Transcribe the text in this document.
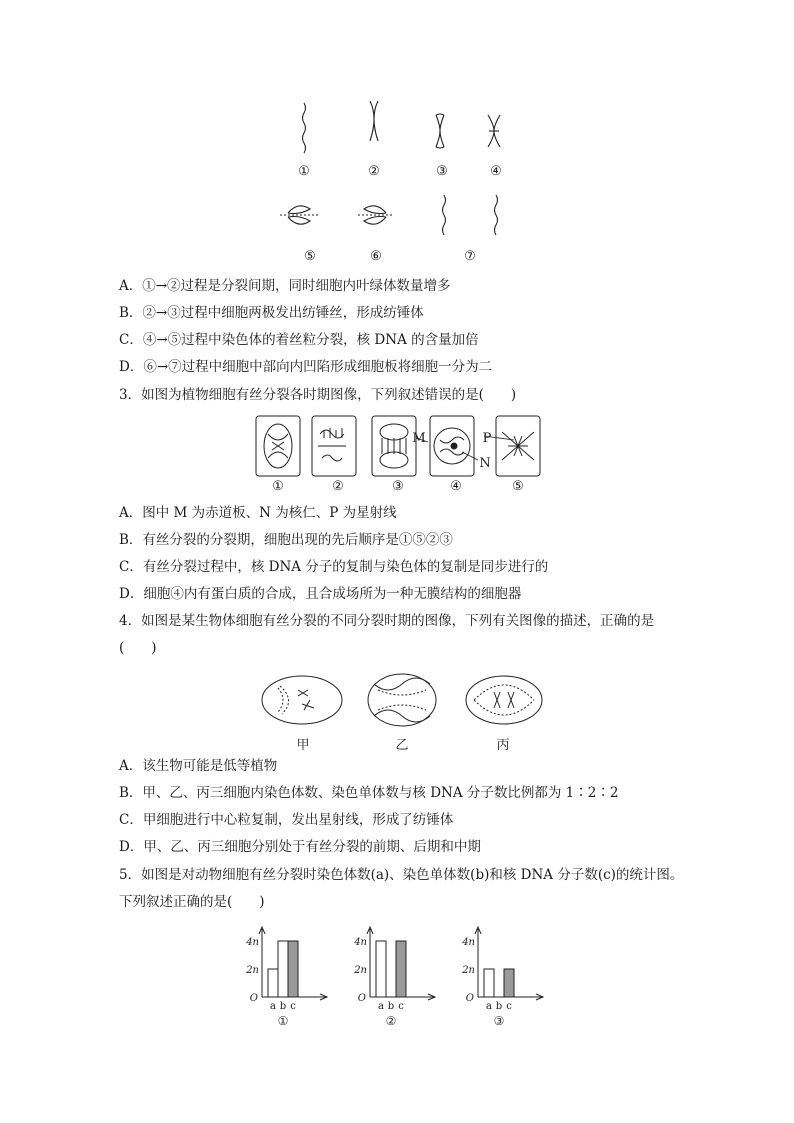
①	②	③	④
⑤	⑥	⑦
A．①→②过程是分裂间期，同时细胞内叶绿体数量增多
B．②→③过程中细胞两极发出纺锤丝，形成纺锤体
C．④→⑤过程中染色体的着丝粒分裂，核 DNA 的含量加倍
D．⑥→⑦过程中细胞中部向内凹陷形成细胞板将细胞一分为二
3．如图为植物细胞有丝分裂各时期图像，下列叙述错误的是(　　)
M	P
N
①	②	③	④	⑤
A．图中 M 为赤道板、N 为核仁、P 为星射线
B．有丝分裂的分裂期，细胞出现的先后顺序是①⑤②③
C．有丝分裂过程中，核 DNA 分子的复制与染色体的复制是同步进行的
D．细胞④内有蛋白质的合成，且合成场所为一种无膜结构的细胞器
4．如图是某生物体细胞有丝分裂的不同分裂时期的图像，下列有关图像的描述，正确的是
(　　)
甲	乙	丙
A．该生物可能是低等植物
B．甲、乙、丙三细胞内染色体数、染色单体数与核 DNA 分子数比例都为 1∶2∶2
C．甲细胞进行中心粒复制，发出星射线，形成了纺锤体
D．甲、乙、丙三细胞分别处于有丝分裂的前期、后期和中期
5．如图是对动物细胞有丝分裂时染色体数(a)、染色单体数(b)和核 DNA 分子数(c)的统计图。
下列叙述正确的是(　　)
4n
2n
O
a b c
①
4n
2n
O
a b c
②
4n
2n
O
a b c
③
